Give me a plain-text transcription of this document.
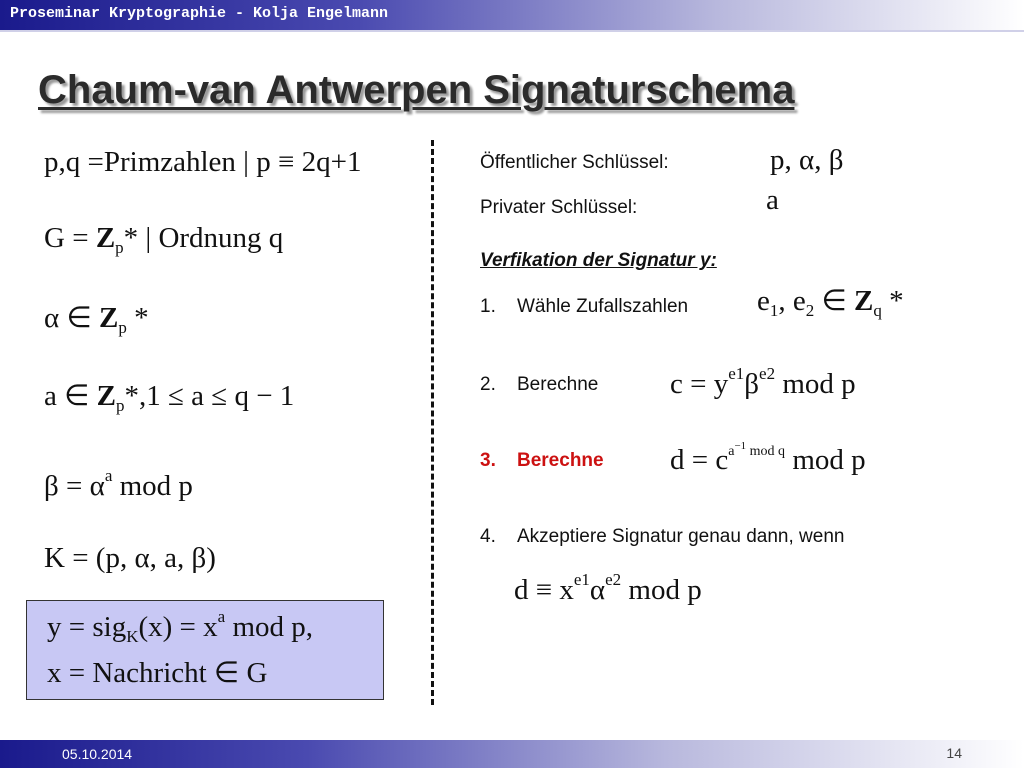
Proseminar Kryptographie - Kolja Engelmann
Chaum-van Antwerpen Signaturschema
p,q =Primzahlen | p ≡ 2q+1
$G = Z_p*$ | Ordnung q
α ∈ $Z_p$ *
a ∈ $Z_p*,1 \le a \le q - 1$
$\beta = \alpha^a$ mod p
K = (p, α, a, β)
$y = sig_K(x) = x^a$ mod p,
x = Nachricht ∈ G
Öffentlicher Schlüssel:	p, α, β
Privater Schlüssel:	a
Verfikation der Signatur y:
1. Wähle Zufallszahlen $e_1$, $e_2$ ∈ $Z_q$ *
2. Berechne $c = y^{e1}\beta^{e2}$ mod p
3. Berechne $d = c^{a^{-1} mod q}$ mod p
4. Akzeptiere Signatur genau dann, wenn
$d \equiv x^{e1}\alpha^{e2}$ mod p
05.10.2014	14
